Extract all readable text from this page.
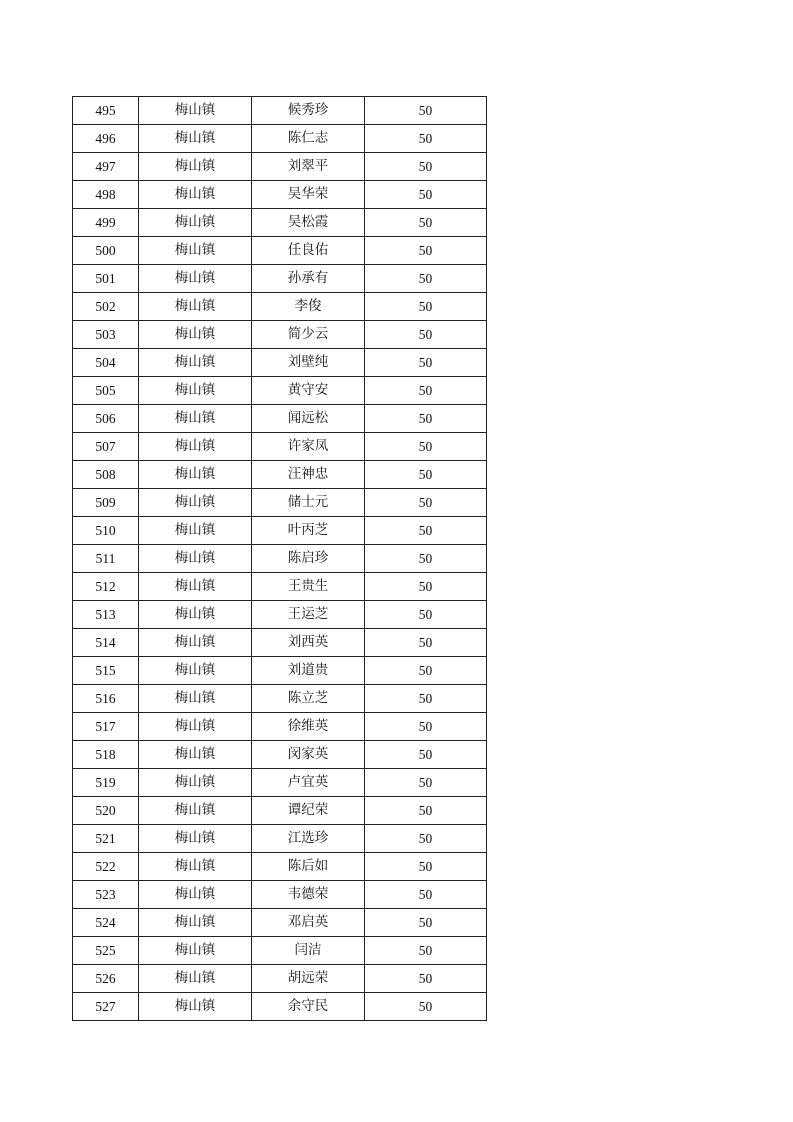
495	梅山镇	候秀珍	50
496	梅山镇	陈仁志	50
497	梅山镇	刘翠平	50
498	梅山镇	吴华荣	50
499	梅山镇	吴松霞	50
500	梅山镇	任良佑	50
501	梅山镇	孙承有	50
502	梅山镇	李俊	50
503	梅山镇	简少云	50
504	梅山镇	刘壁纯	50
505	梅山镇	黄守安	50
506	梅山镇	闻远松	50
507	梅山镇	许家凤	50
508	梅山镇	汪神忠	50
509	梅山镇	储士元	50
510	梅山镇	叶丙芝	50
511	梅山镇	陈启珍	50
512	梅山镇	王贵生	50
513	梅山镇	王运芝	50
514	梅山镇	刘西英	50
515	梅山镇	刘道贵	50
516	梅山镇	陈立芝	50
517	梅山镇	徐维英	50
518	梅山镇	闵家英	50
519	梅山镇	卢宜英	50
520	梅山镇	谭纪荣	50
521	梅山镇	江选珍	50
522	梅山镇	陈后如	50
523	梅山镇	韦德荣	50
524	梅山镇	邓启英	50
525	梅山镇	闫洁	50
526	梅山镇	胡远荣	50
527	梅山镇	余守民	50
